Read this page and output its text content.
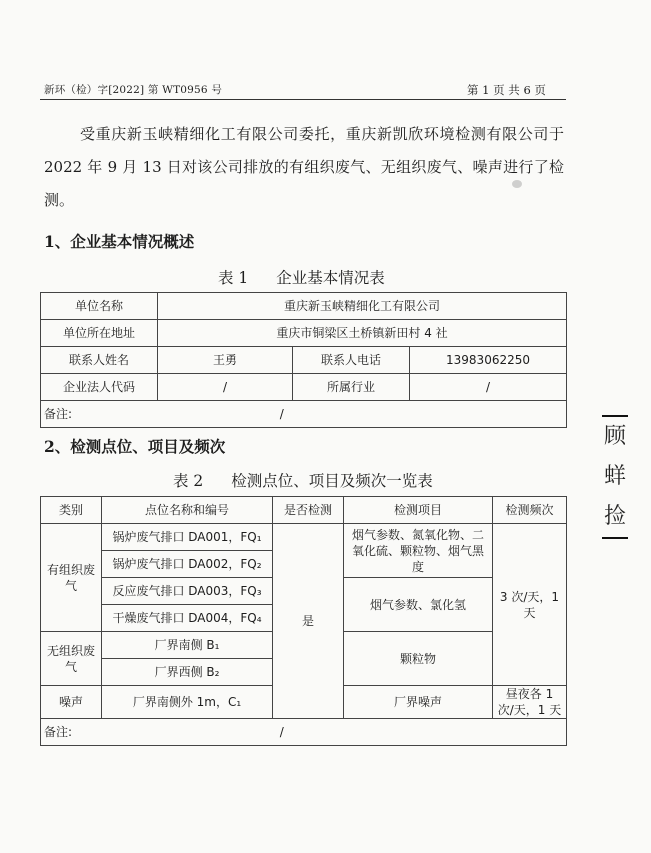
新环（检）字[2022] 第 WT0956 号	第 1 页 共 6 页
受重庆新玉峡精细化工有限公司委托，重庆新凯欣环境检测有限公司于 2022 年 9 月 13 日对该公司排放的有组织废气、无组织废气、噪声进行了检测。
1、企业基本情况概述
表 1 企业基本情况表
单位名称	重庆新玉峡精细化工有限公司		
单位所在地址	重庆市铜梁区土桥镇新田村 4 社		
联系人姓名	王勇	联系人电话	13983062250
企业法人代码	/	所属行业	/
备注: /			
2、检测点位、项目及频次
表 2 检测点位、项目及频次一览表
类别	点位名称和编号	是否检测	检测项目	检测频次
有组织废气	锅炉废气排口 DA001，FQ₁	是	烟气参数、氮氧化物、二氧化硫、颗粒物、烟气黑度	3 次/天，1 天
	锅炉废气排口 DA002，FQ₂			
	反应废气排口 DA003，FQ₃		烟气参数、氯化氢	
	干燥废气排口 DA004，FQ₄			
无组织废气	厂界南侧 B₁		颗粒物	
	厂界西侧 B₂			
噪声	厂界南侧外 1m，C₁		厂界噪声	昼夜各 1 次/天，1 天
备注: /				
顾
蛘
捡
